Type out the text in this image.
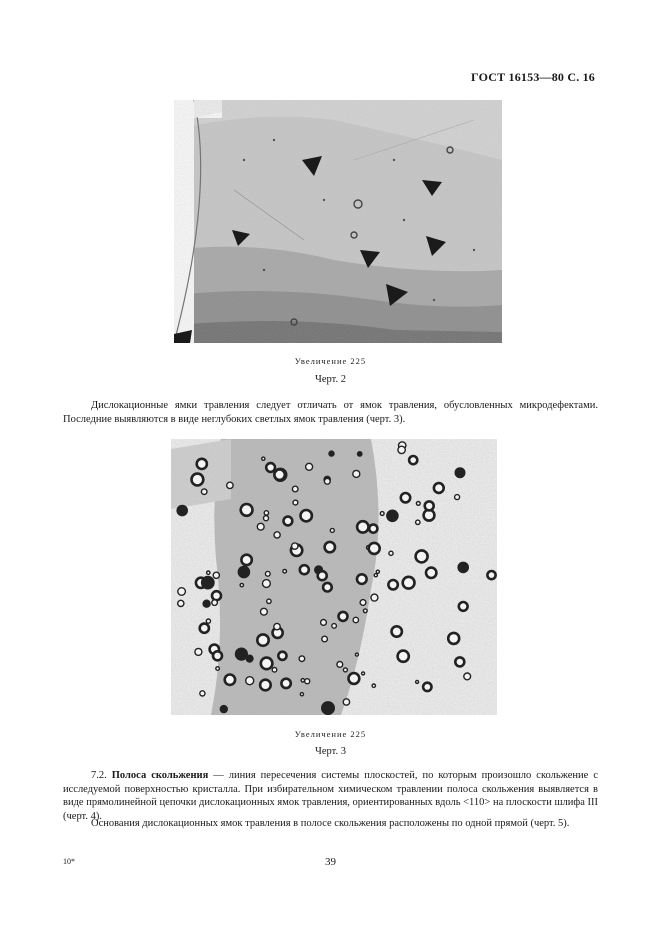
ГОСТ 16153—80 С. 16
Увеличение 225
Черт. 2

Дислокационные ямки травления следует отличать от ямок травления, обусловленных микродефектами. Последние выявляются в виде неглубоких светлых ямок травления (черт. 3).

Увеличение 225
Черт. 3

7.2. Полоса скольжения — линия пересечения системы плоскостей, по которым произошло скольжение с исследуемой поверхностью кристалла. При избирательном химическом травлении полоса скольжения выявляется в виде прямолинейной цепочки дислокационных ямок травления, ориентированных вдоль <110> на плоскости шлифа III (черт. 4).

Основания дислокационных ямок травления в полосе скольжения расположены по одной прямой (черт. 5).

10*	39
